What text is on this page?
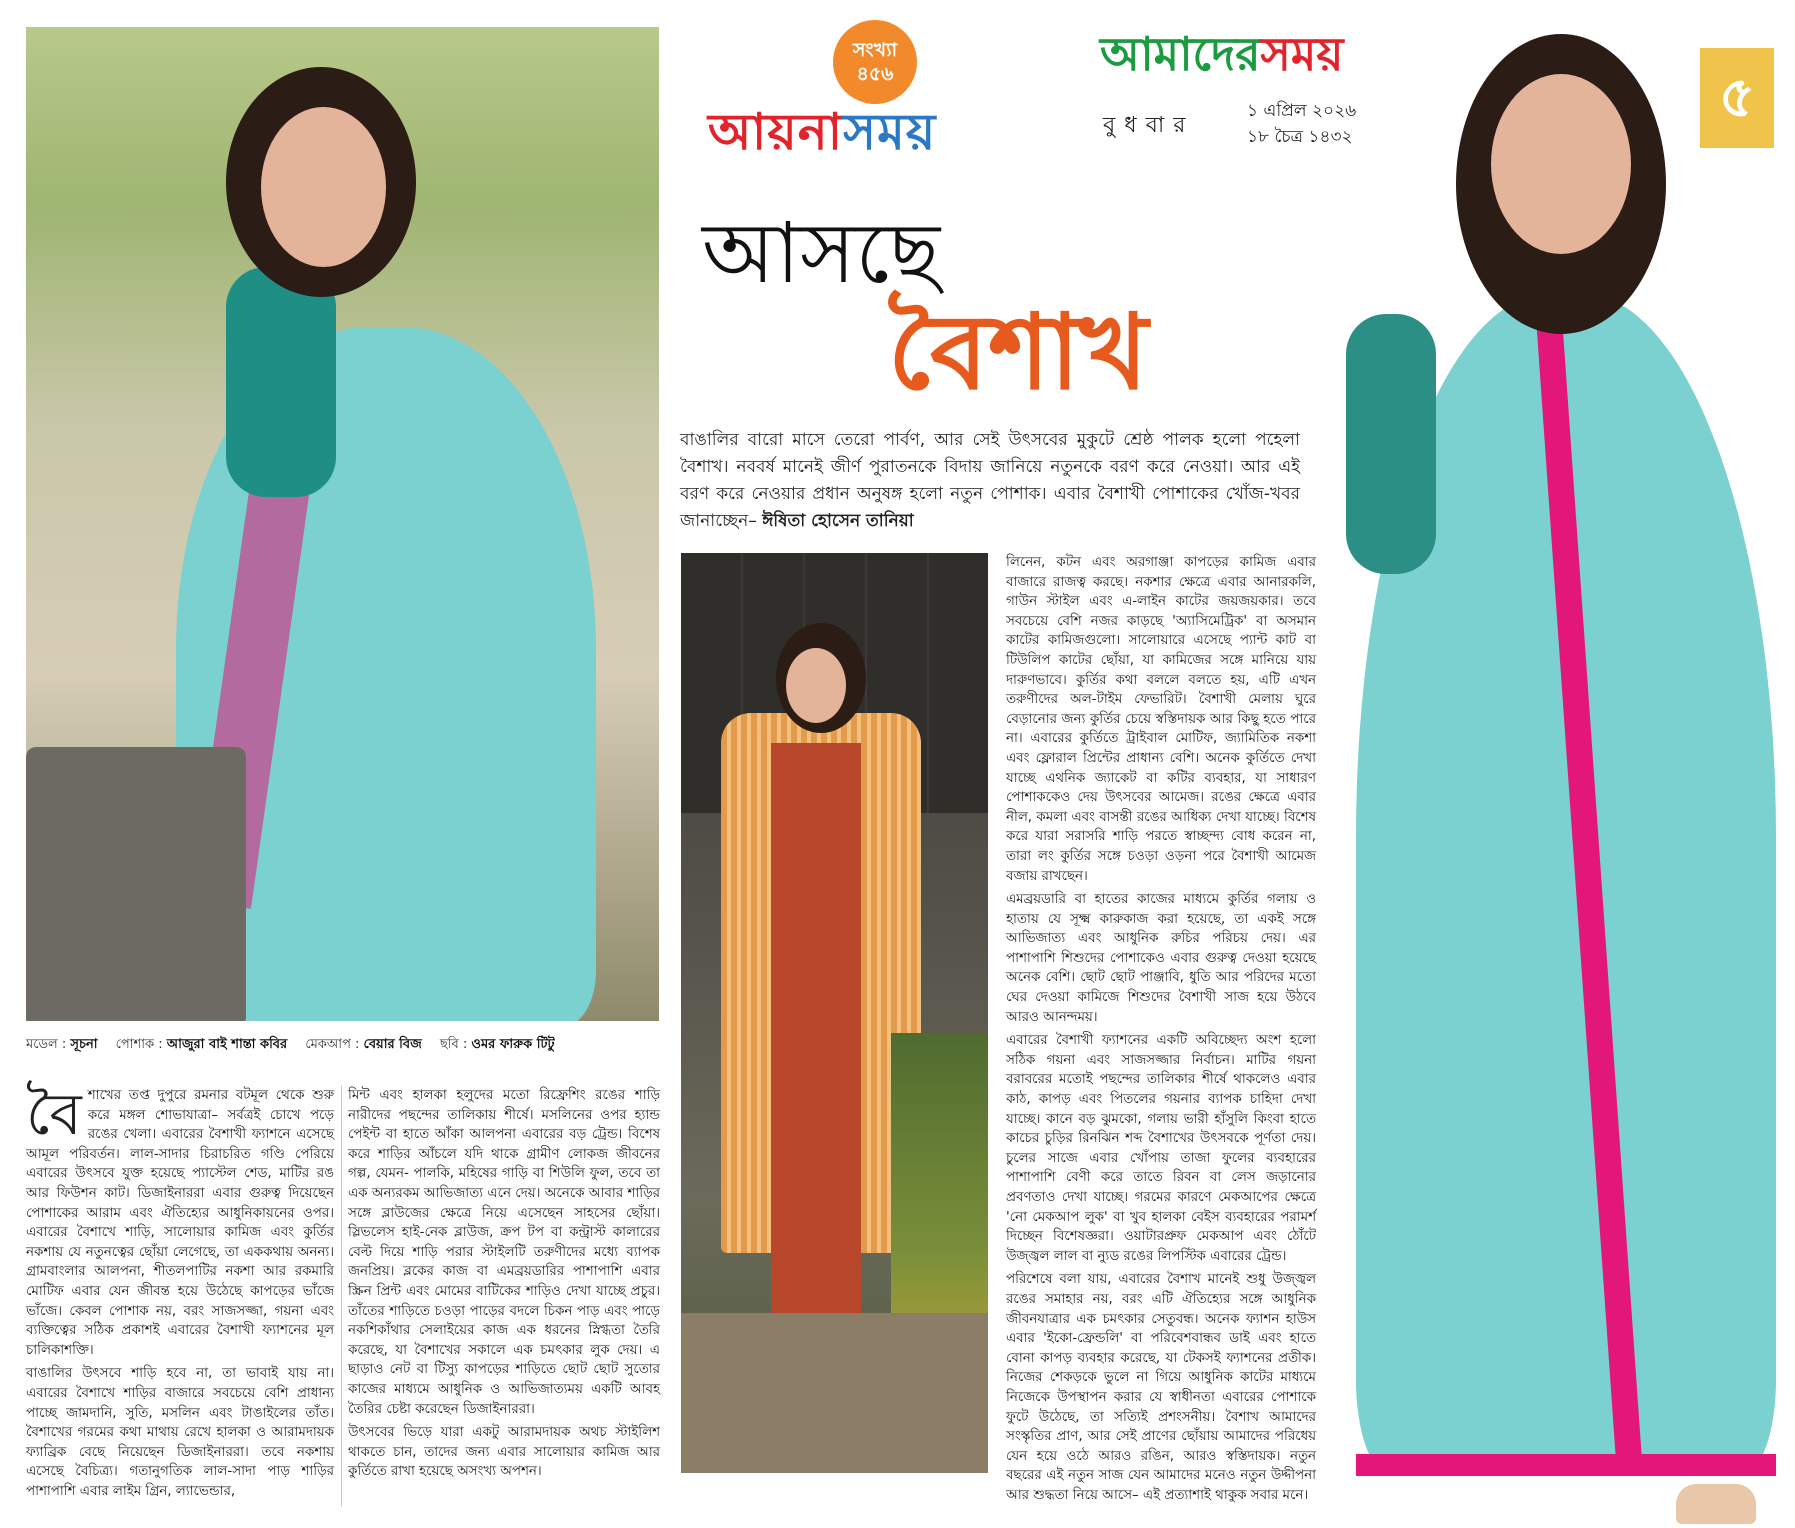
সংখ্যা
৪৫৬
আয়নাসময়
আমাদেরসময়
বুধবার
১ এপ্রিল ২০২৬
১৮ চৈত্র ১৪৩২
৫
আসছে
বৈশাখ
বাঙালির বারো মাসে তেরো পার্বণ, আর সেই উৎসবের মুকুটে শ্রেষ্ঠ পালক হলো পহেলা বৈশাখ। নববর্ষ মানেই জীর্ণ পুরাতনকে বিদায় জানিয়ে নতুনকে বরণ করে নেওয়া। আর এই বরণ করে নেওয়ার প্রধান অনুষঙ্গ হলো নতুন পোশাক। এবার বৈশাখী পোশাকের খোঁজ-খবর জানাচ্ছেন– ঈষিতা হোসেন তানিয়া
মডেল : সূচনা পোশাক : আজুরা বাই শান্তা কবির মেকআপ : বেয়ার বিজ ছবি : ওমর ফারুক টিটু

বৈশাখের তপ্ত দুপুরে রমনার বটমূল থেকে শুরু করে মঙ্গল শোভাযাত্রা– সর্বত্রই চোখে পড়ে রঙের খেলা। এবারের বৈশাখী ফ্যাশনে এসেছে আমূল পরিবর্তন। লাল-সাদার চিরাচরিত গণ্ডি পেরিয়ে এবারের উৎসবে যুক্ত হয়েছে প্যাস্টেল শেড, মাটির রঙ আর ফিউশন কাট। ডিজাইনাররা এবার গুরুত্ব দিয়েছেন পোশাকের আরাম এবং ঐতিহ্যের আধুনিকায়নের ওপর। এবারের বৈশাখে শাড়ি, সালোয়ার কামিজ এবং কুর্তির নকশায় যে নতুনত্বের ছোঁয়া লেগেছে, তা এককথায় অনন্য। গ্রামবাংলার আলপনা, শীতলপাটির নকশা আর রকমারি মোটিফ এবার যেন জীবন্ত হয়ে উঠেছে কাপড়ের ভাঁজে ভাঁজে। কেবল পোশাক নয়, বরং সাজসজ্জা, গয়না এবং ব্যক্তিত্বের সঠিক প্রকাশই এবারের বৈশাখী ফ্যাশনের মূল চালিকাশক্তি।

বাঙালির উৎসবে শাড়ি হবে না, তা ভাবাই যায় না। এবারের বৈশাখে শাড়ির বাজারে সবচেয়ে বেশি প্রাধান্য পাচ্ছে জামদানি, সুতি, মসলিন এবং টাঙাইলের তাঁত। বৈশাখের গরমের কথা মাথায় রেখে হালকা ও আরামদায়ক ফ্যাব্রিক বেছে নিয়েছেন ডিজাইনাররা। তবে নকশায় এসেছে বৈচিত্র্য। গতানুগতিক লাল-সাদা পাড় শাড়ির পাশাপাশি এবার লাইম গ্রিন, ল্যাভেন্ডার,

মিন্ট এবং হালকা হলুদের মতো রিফ্রেশিং রঙের শাড়ি নারীদের পছন্দের তালিকায় শীর্ষে। মসলিনের ওপর হ্যান্ড পেইন্ট বা হাতে আঁকা আলপনা এবারের বড় ট্রেন্ড। বিশেষ করে শাড়ির আঁচলে যদি থাকে গ্রামীণ লোকজ জীবনের গল্প, যেমন- পালকি, মহিষের গাড়ি বা শিউলি ফুল, তবে তা এক অন্যরকম আভিজাত্য এনে দেয়। অনেকে আবার শাড়ির সঙ্গে ব্লাউজের ক্ষেত্রে নিয়ে এসেছেন সাহসের ছোঁয়া। স্লিভলেস হাই-নেক ব্লাউজ, ক্রপ টপ বা কন্ট্রাস্ট কালারের বেল্ট দিয়ে শাড়ি পরার স্টাইলটি তরুণীদের মধ্যে ব্যাপক জনপ্রিয়। ব্লকের কাজ বা এমব্রয়ডারির পাশাপাশি এবার স্ক্রিন প্রিন্ট এবং মোমের বাটিকের শাড়িও দেখা যাচ্ছে প্রচুর। তাঁতের শাড়িতে চওড়া পাড়ের বদলে চিকন পাড় এবং পাড়ে নকশিকাঁথার সেলাইয়ের কাজ এক ধরনের স্নিগ্ধতা তৈরি করেছে, যা বৈশাখের সকালে এক চমৎকার লুক দেয়। এ ছাড়াও নেট বা টিস্যু কাপড়ের শাড়িতে ছোট ছোট সুতোর কাজের মাধ্যমে আধুনিক ও আভিজাত্যময় একটি আবহ তৈরির চেষ্টা করেছেন ডিজাইনাররা।

উৎসবের ভিড়ে যারা একটু আরামদায়ক অথচ স্টাইলিশ থাকতে চান, তাদের জন্য এবার সালোয়ার কামিজ আর কুর্তিতে রাখা হয়েছে অসংখ্য অপশন।

লিনেন, কটন এবং অরগাঞ্জা কাপড়ের কামিজ এবার বাজারে রাজত্ব করছে। নকশার ক্ষেত্রে এবার আনারকলি, গাউন স্টাইল এবং এ-লাইন কাটের জয়জয়কার। তবে সবচেয়ে বেশি নজর কাড়ছে 'অ্যাসিমেট্রিক' বা অসমান কাটের কামিজগুলো। সালোয়ারে এসেছে প্যান্ট কাট বা টিউলিপ কাটের ছোঁয়া, যা কামিজের সঙ্গে মানিয়ে যায় দারুণভাবে। কুর্তির কথা বললে বলতে হয়, এটি এখন তরুণীদের অল-টাইম ফেভারিট। বৈশাখী মেলায় ঘুরে বেড়ানোর জন্য কুর্তির চেয়ে স্বস্তিদায়ক আর কিছু হতে পারে না। এবারের কুর্তিতে ট্রাইবাল মোটিফ, জ্যামিতিক নকশা এবং ফ্লোরাল প্রিন্টের প্রাধান্য বেশি। অনেক কুর্তিতে দেখা যাচ্ছে এথনিক জ্যাকেট বা কটির ব্যবহার, যা সাধারণ পোশাককেও দেয় উৎসবের আমেজ। রঙের ক্ষেত্রে এবার নীল, কমলা এবং বাসন্তী রঙের আধিক্য দেখা যাচ্ছে। বিশেষ করে যারা সরাসরি শাড়ি পরতে স্বাচ্ছন্দ্য বোধ করেন না, তারা লং কুর্তির সঙ্গে চওড়া ওড়না পরে বৈশাখী আমেজ বজায় রাখছেন।

এমব্রয়ডারি বা হাতের কাজের মাধ্যমে কুর্তির গলায় ও হাতায় যে সূক্ষ্ম কারুকাজ করা হয়েছে, তা একই সঙ্গে আভিজাত্য এবং আধুনিক রুচির পরিচয় দেয়। এর পাশাপাশি শিশুদের পোশাকেও এবার গুরুত্ব দেওয়া হয়েছে অনেক বেশি। ছোট ছোট পাঞ্জাবি, ধুতি আর পরিদের মতো ঘের দেওয়া কামিজে শিশুদের বৈশাখী সাজ হয়ে উঠবে আরও আনন্দময়।

এবারের বৈশাখী ফ্যাশনের একটি অবিচ্ছেদ্য অংশ হলো সঠিক গয়না এবং সাজসজ্জার নির্বাচন। মাটির গয়না বরাবরের মতোই পছন্দের তালিকার শীর্ষে থাকলেও এবার কাঠ, কাপড় এবং পিতলের গয়নার ব্যাপক চাহিদা দেখা যাচ্ছে। কানে বড় ঝুমকো, গলায় ভারী হাঁসুলি কিংবা হাতে কাচের চুড়ির রিনঝিন শব্দ বৈশাখের উৎসবকে পূর্ণতা দেয়। চুলের সাজে এবার খোঁপায় তাজা ফুলের ব্যবহারের পাশাপাশি বেণী করে তাতে রিবন বা লেস জড়ানোর প্রবণতাও দেখা যাচ্ছে। গরমের কারণে মেকআপের ক্ষেত্রে 'নো মেকআপ লুক' বা খুব হালকা বেইস ব্যবহারের পরামর্শ দিচ্ছেন বিশেষজ্ঞরা। ওয়াটারপ্রুফ মেকআপ এবং ঠোঁটে উজ্জ্বল লাল বা ন্যুড রঙের লিপস্টিক এবারের ট্রেন্ড।

পরিশেষে বলা যায়, এবারের বৈশাখ মানেই শুধু উজ্জ্বল রঙের সমাহার নয়, বরং এটি ঐতিহ্যের সঙ্গে আধুনিক জীবনযাত্রার এক চমৎকার সেতুবন্ধ। অনেক ফ্যাশন হাউস এবার 'ইকো-ফ্রেন্ডলি' বা পরিবেশবান্ধব ডাই এবং হাতে বোনা কাপড় ব্যবহার করেছে, যা টেকসই ফ্যাশনের প্রতীক। নিজের শেকড়কে ভুলে না গিয়ে আধুনিক কাটের মাধ্যমে নিজেকে উপস্থাপন করার যে স্বাধীনতা এবারের পোশাকে ফুটে উঠেছে, তা সত্যিই প্রশংসনীয়। বৈশাখ আমাদের সংস্কৃতির প্রাণ, আর সেই প্রাণের ছোঁয়ায় আমাদের পরিধেয় যেন হয়ে ওঠে আরও রঙিন, আরও স্বস্তিদায়ক। নতুন বছরের এই নতুন সাজ যেন আমাদের মনেও নতুন উদ্দীপনা আর শুদ্ধতা নিয়ে আসে– এই প্রত্যাশাই থাকুক সবার মনে।
